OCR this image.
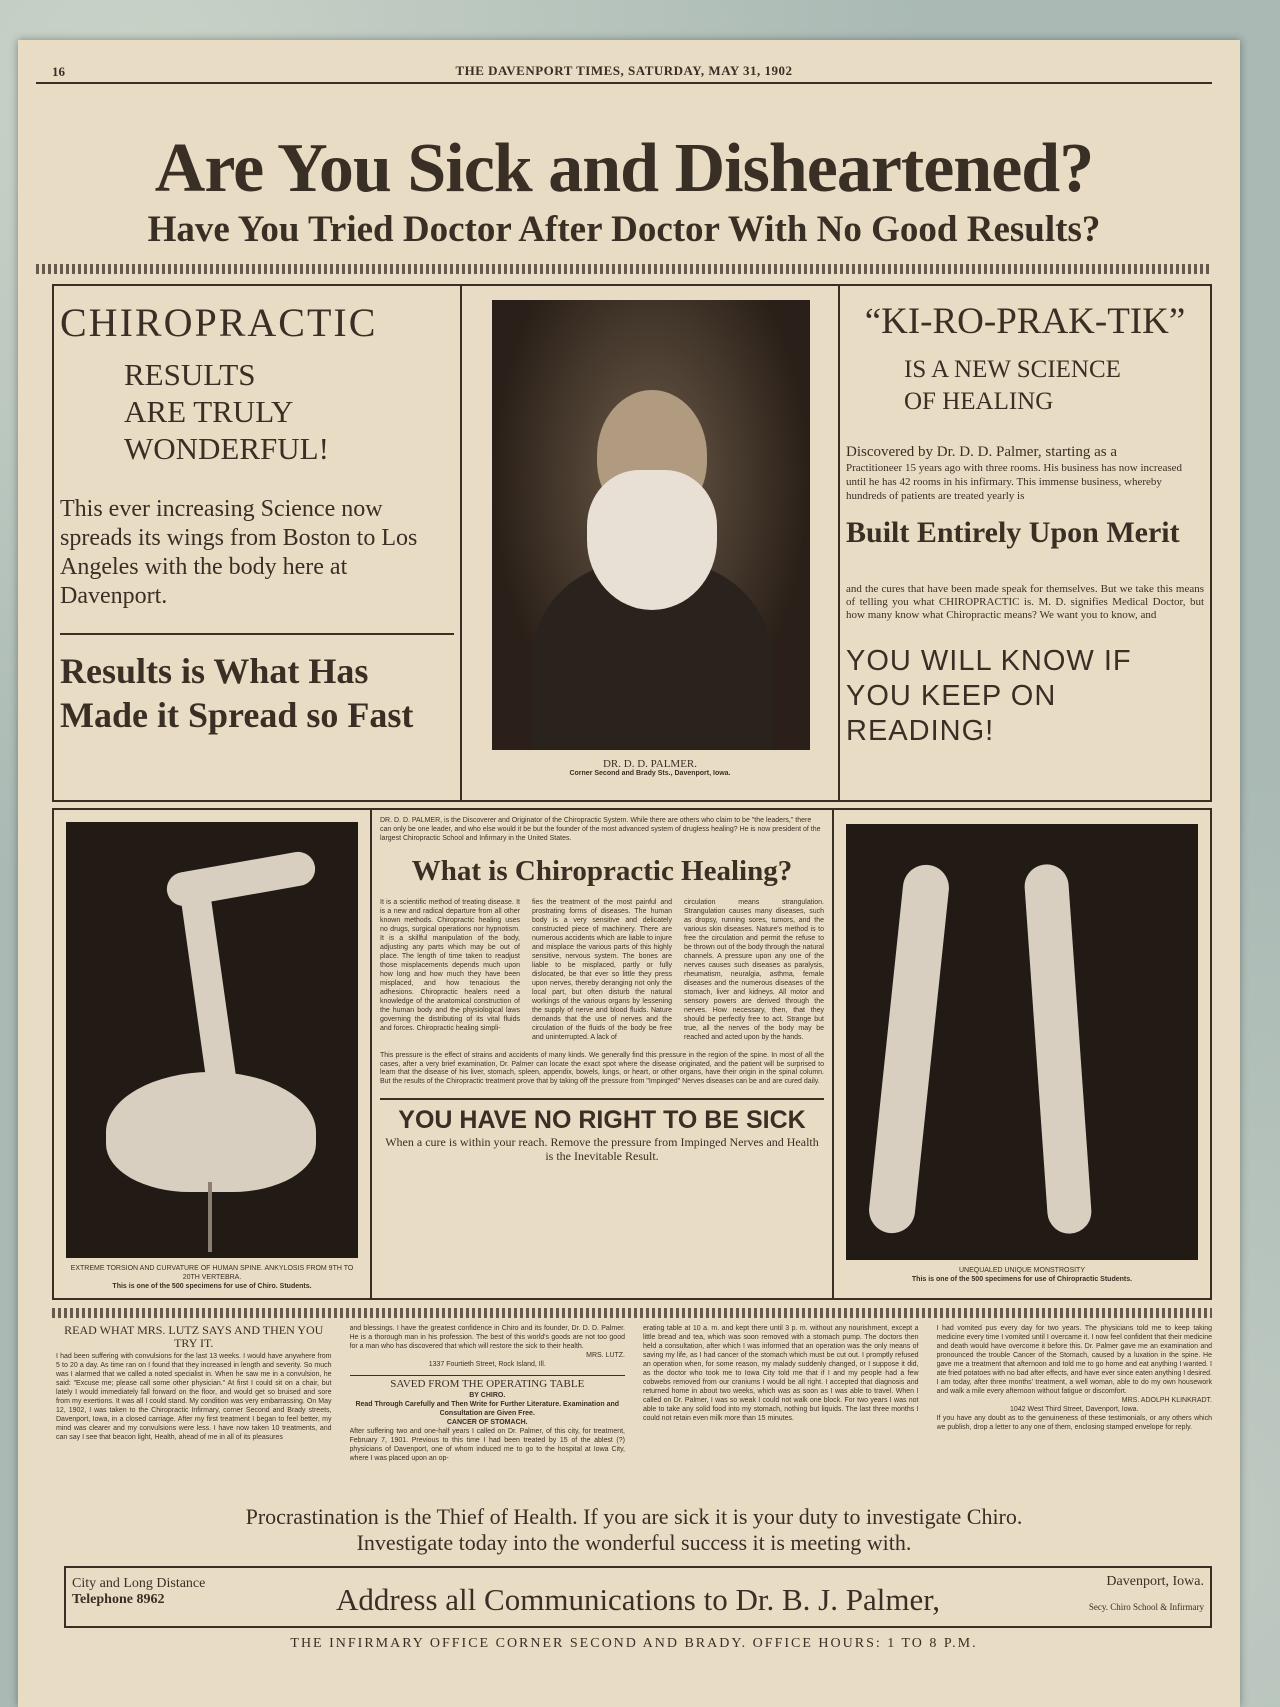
16	THE DAVENPORT TIMES, SATURDAY, MAY 31, 1902
Are You Sick and Disheartened?
Have You Tried Doctor After Doctor With No Good Results?
CHIROPRACTIC
RESULTS
ARE TRULY
WONDERFUL!
This ever increasing Science now spreads its wings from Boston to Los Angeles with the body here at Davenport.
Results is What Has Made it Spread so Fast
DR. D. D. PALMER.
Corner Second and Brady Sts., Davenport, Iowa.
“KI-RO-PRAK-TIK”
IS A NEW SCIENCE
OF HEALING
Discovered by Dr. D. D. Palmer, starting as a
Practitioneer 15 years ago with three rooms. His business has now increased until he has 42 rooms in his infirmary. This immense business, whereby hundreds of patients are treated yearly is
Built Entirely Upon Merit
and the cures that have been made speak for themselves. But we take this means of telling you what CHIROPRACTIC is. M. D. signifies Medical Doctor, but how many know what Chiropractic means? We want you to know, and
YOU WILL KNOW IF
YOU KEEP ON READING!
EXTREME TORSION AND CURVATURE OF HUMAN SPINE. ANKYLOSIS FROM 9TH TO 20TH VERTEBRA.
This is one of the 500 specimens for use of Chiro. Students.
DR. D. D. PALMER, is the Discoverer and Originator of the Chiropractic System. While there are others who claim to be "the leaders," there can only be one leader, and who else would it be but the founder of the most advanced system of drugless healing? He is now president of the largest Chiropractic School and Infirmary in the United States.
What is Chiropractic Healing?

It is a scientific method of treating disease. It is a new and radical departure from all other known methods. Chiropractic healing uses no drugs, surgical operations nor hypnotism. It is a skillful manipulation of the body, adjusting any parts which may be out of place. The length of time taken to readjust those misplacements depends much upon how long and how much they have been misplaced, and how tenacious the adhesions. Chiropractic healers need a knowledge of the anatomical construction of the human body and the physiological laws governing the distributing of its vital fluids and forces. Chiropractic healing simpli-

fies the treatment of the most painful and prostrating forms of diseases. The human body is a very sensitive and delicately constructed piece of machinery. There are numerous accidents which are liable to injure and misplace the various parts of this highly sensitive, nervous system. The bones are liable to be misplaced, partly or fully dislocated, be that ever so little they press upon nerves, thereby deranging not only the local part, but often disturb the natural workings of the various organs by lessening the supply of nerve and blood fluids. Nature demands that the use of nerves and the circulation of the fluids of the body be free and uninterrupted. A lack of

circulation means strangulation. Strangulation causes many diseases, such as dropsy, running sores, tumors, and the various skin diseases. Nature's method is to free the circulation and permit the refuse to be thrown out of the body through the natural channels. A pressure upon any one of the nerves causes such diseases as paralysis, rheumatism, neuralgia, asthma, female diseases and the numerous diseases of the stomach, liver and kidneys. All motor and sensory powers are derived through the nerves. How necessary, then, that they should be perfectly free to act. Strange but true, all the nerves of the body may be reached and acted upon by the hands.

This pressure is the effect of strains and accidents of many kinds. We generally find this pressure in the region of the spine. In most of all the cases, after a very brief examination, Dr. Palmer can locate the exact spot where the disease originated, and the patient will be surprised to learn that the disease of his liver, stomach, spleen, appendix, bowels, lungs, or heart, or other organs, have their origin in the spinal column. But the results of the Chiropractic treatment prove that by taking off the pressure from "Impinged" Nerves diseases can be and are cured daily.
YOU HAVE NO RIGHT TO BE SICK
When a cure is within your reach. Remove the pressure from Impinged Nerves and Health is the Inevitable Result.
UNEQUALED UNIQUE MONSTROSITY
This is one of the 500 specimens for use of Chiropractic Students.
READ WHAT MRS. LUTZ SAYS AND THEN YOU TRY IT.
I had been suffering with convulsions for the last 13 weeks. I would have anywhere from 5 to 20 a day. As time ran on I found that they increased in length and severity. So much was I alarmed that we called a noted specialist in. When he saw me in a convulsion, he said: "Excuse me; please call some other physician." At first I could sit on a chair, but lately I would immediately fall forward on the floor, and would get so bruised and sore from my exertions. It was all I could stand. My condition was very embarrassing. On May 12, 1902, I was taken to the Chiropractic Infirmary, corner Second and Brady streets, Davenport, Iowa, in a closed carriage. After my first treatment I began to feel better, my mind was clearer and my convulsions were less. I have now taken 10 treatments, and can say I see that beacon light, Health, ahead of me in all of its pleasures
and blessings. I have the greatest confidence in Chiro and its founder, Dr. D. D. Palmer. He is a thorough man in his profession. The best of this world's goods are not too good for a man who has discovered that which will restore the sick to their health.
MRS. LUTZ.
1337 Fourtieth Street, Rock Island, Ill.
SAVED FROM THE OPERATING TABLE
BY CHIRO.
Read Through Carefully and Then Write for Further Literature. Examination and Consultation are Given Free.
CANCER OF STOMACH.
After suffering two and one-half years I called on Dr. Palmer, of this city, for treatment, February 7, 1901. Previous to this time I had been treated by 15 of the ablest (?) physicians of Davenport, one of whom induced me to go to the hospital at Iowa City, where I was placed upon an op-
erating table at 10 a. m. and kept there until 3 p. m. without any nourishment, except a little bread and tea, which was soon removed with a stomach pump. The doctors then held a consultation, after which I was informed that an operation was the only means of saving my life, as I had cancer of the stomach which must be cut out. I promptly refused an operation when, for some reason, my malady suddenly changed, or I suppose it did, as the doctor who took me to Iowa City told me that if I and my people had a few cobwebs removed from our craniums I would be all right. I accepted that diagnosis and returned home in about two weeks, which was as soon as I was able to travel. When I called on Dr. Palmer, I was so weak I could not walk one block. For two years I was not able to take any solid food into my stomach, nothing but liquids. The last three months I could not retain even milk more than 15 minutes.
I had vomited pus every day for two years. The physicians told me to keep taking medicine every time I vomited until I overcame it. I now feel confident that their medicine and death would have overcome it before this. Dr. Palmer gave me an examination and pronounced the trouble Cancer of the Stomach, caused by a luxation in the spine. He gave me a treatment that afternoon and told me to go home and eat anything I wanted. I ate fried potatoes with no bad after effects, and have ever since eaten anything I desired. I am today, after three months' treatment, a well woman, able to do my own housework and walk a mile every afternoon without fatigue or discomfort.
MRS. ADOLPH KLINKRADT.
1042 West Third Street, Davenport, Iowa.
If you have any doubt as to the genuineness of these testimonials, or any others which we publish, drop a letter to any one of them, enclosing stamped envelope for reply.
Procrastination is the Thief of Health. If you are sick it is your duty to investigate Chiro.
Investigate today into the wonderful success it is meeting with.
City and Long Distance
Telephone 8962	Address all Communications to Dr. B. J. Palmer,
Davenport, Iowa.
Secy. Chiro School & Infirmary
THE INFIRMARY OFFICE CORNER SECOND AND BRADY. OFFICE HOURS: 1 TO 8 P.M.
